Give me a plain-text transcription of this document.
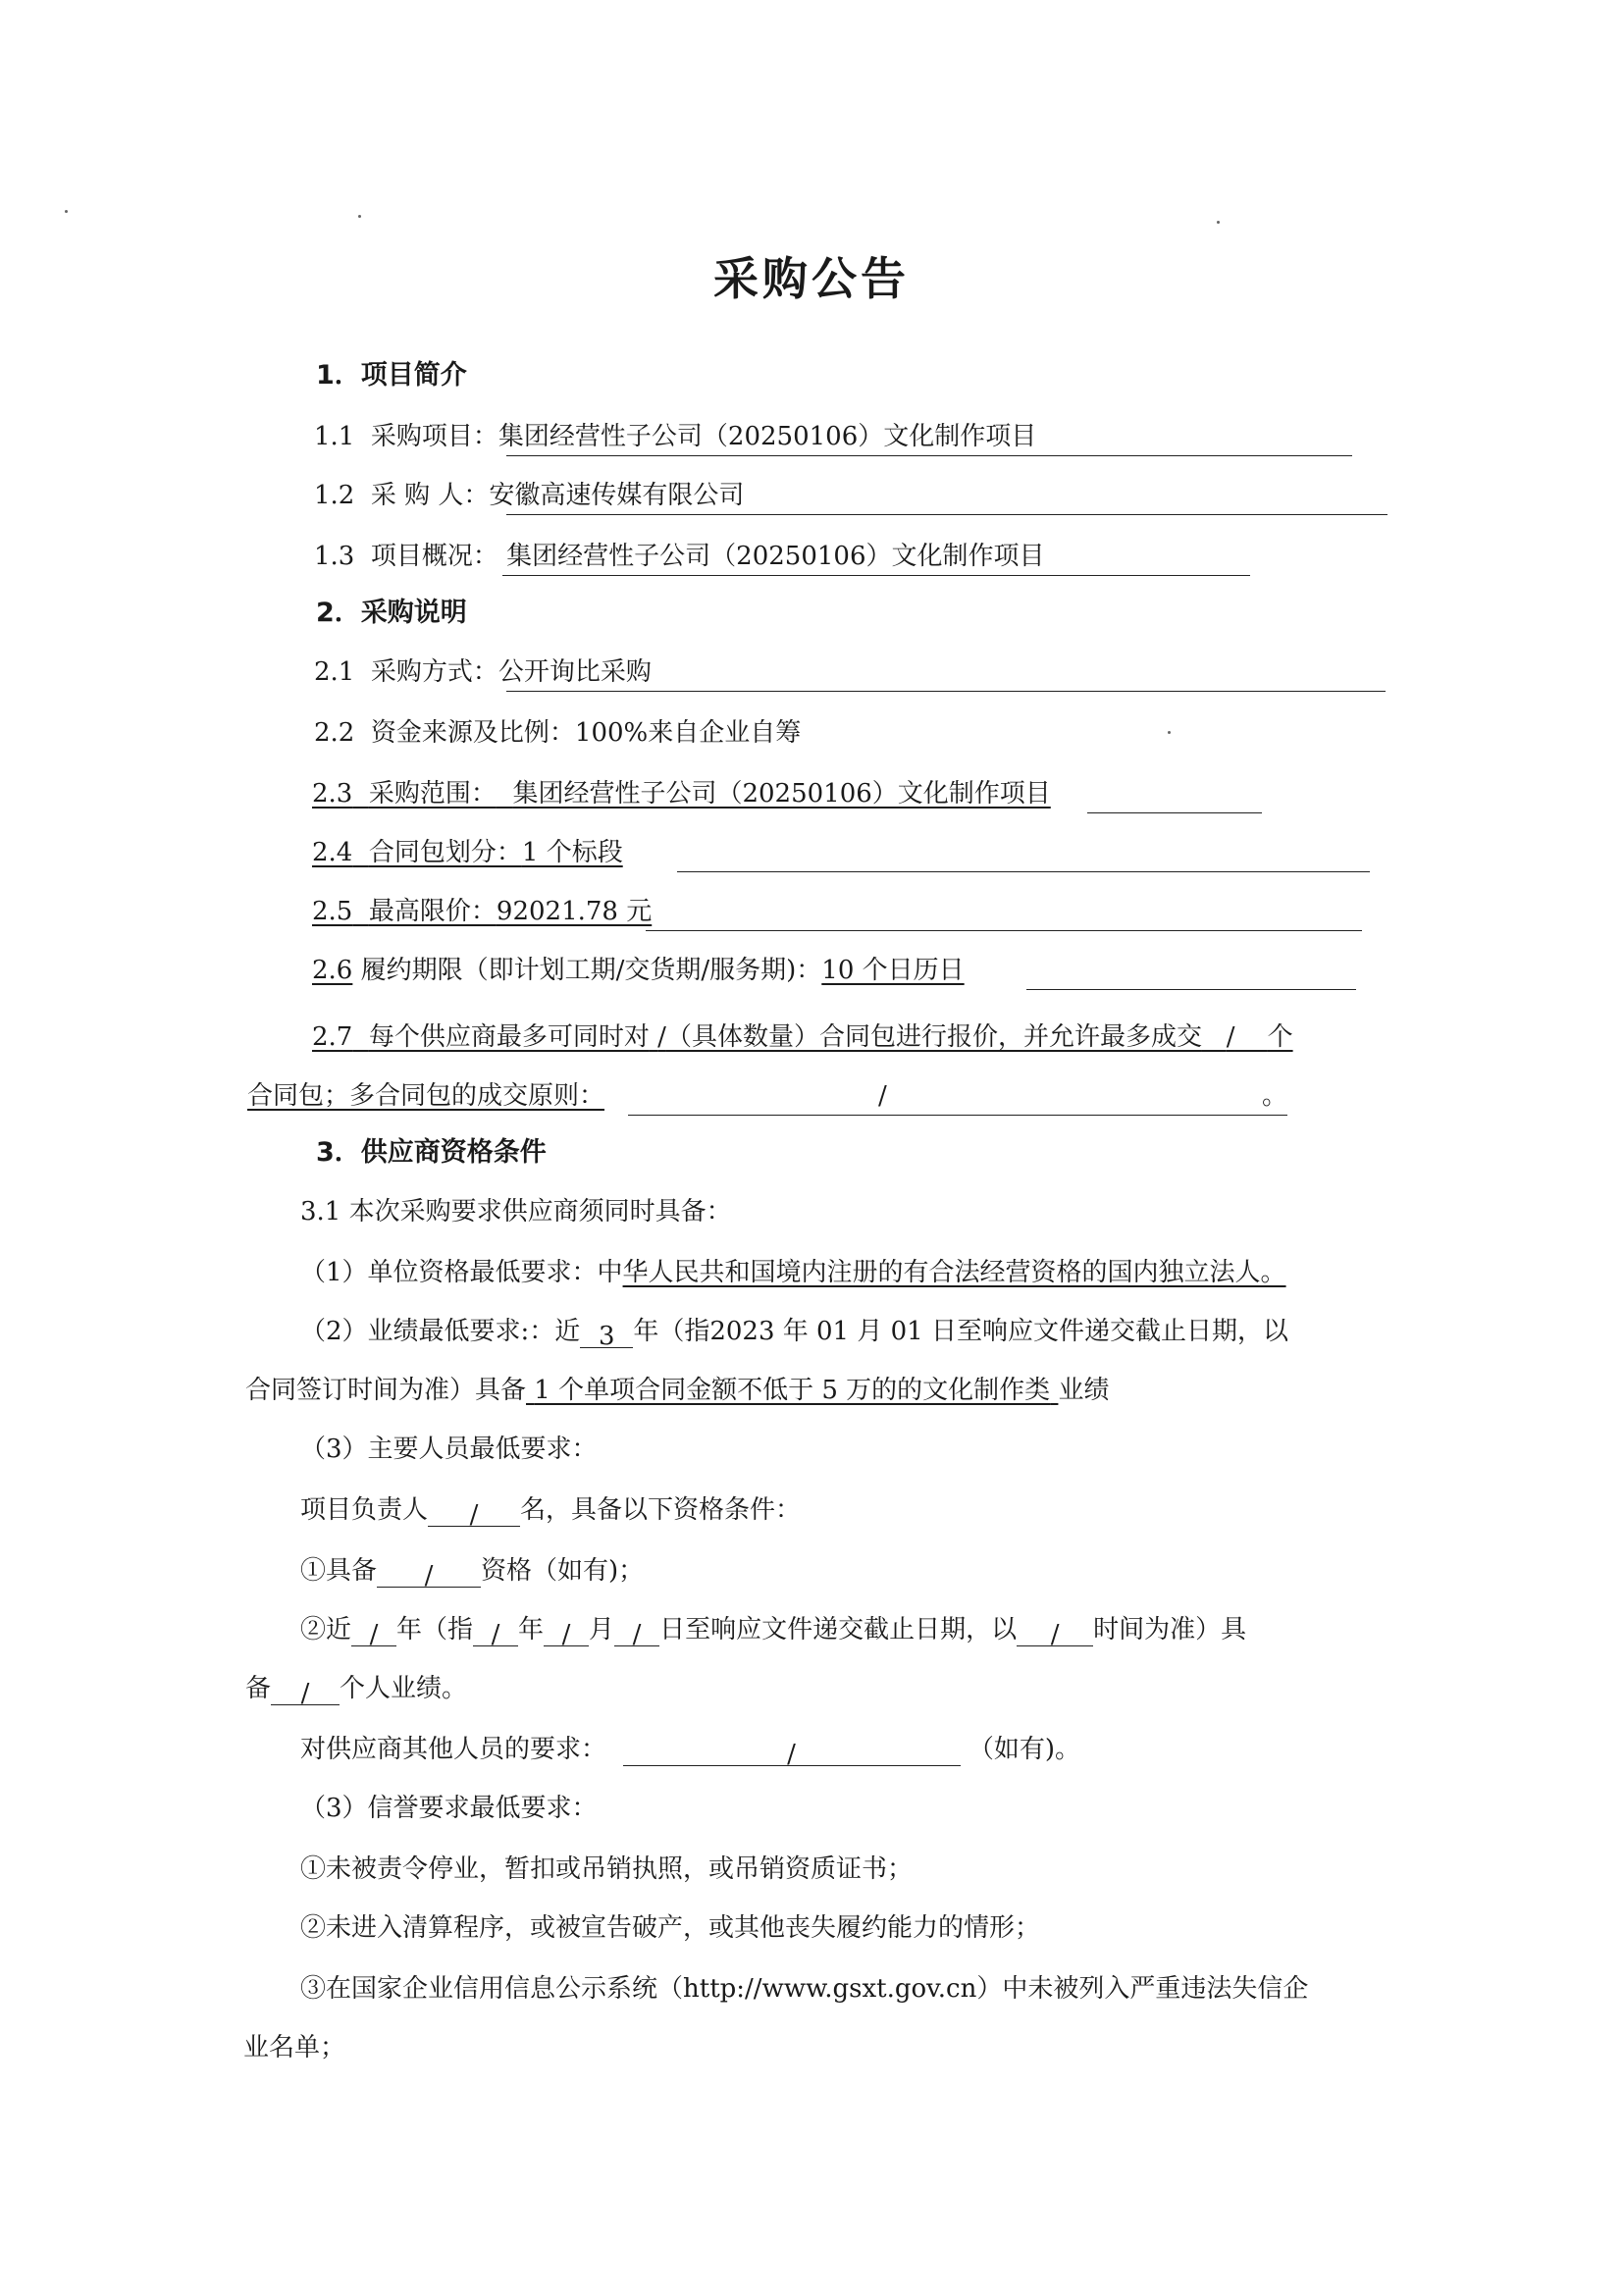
采购公告
1．项目简介
1.1 采购项目：集团经营性子公司（20250106）文化制作项目
1.2 采 购 人：安徽高速传媒有限公司
1.3 项目概况： 集团经营性子公司（20250106）文化制作项目
2．采购说明
2.1 采购方式：公开询比采购
2.2 资金来源及比例：100%来自企业自筹
2.3 采购范围： 集团经营性子公司（20250106）文化制作项目
2.4 合同包划分：1 个标段
2.5 最高限价：92021.78 元
2.6 履约期限（即计划工期/交货期/服务期)：10 个日历日
2.7 每个供应商最多可同时对 /（具体数量）合同包进行报价，并允许最多成交 / 个
合同包；多合同包的成交原则：	/	。
3．供应商资格条件
3.1 本次采购要求供应商须同时具备：
（1）单位资格最低要求：中华人民共和国境内注册的有合法经营资格的国内独立法人。
（2）业绩最低要求:：近 3 年（指2023 年 01 月 01 日至响应文件递交截止日期，以
合同签订时间为准）具备 1 个单项合同金额不低于 5 万的的文化制作类 业绩
（3）主要人员最低要求：
项目负责人 / 名，具备以下资格条件：
①具备 / 资格（如有)；
②近 / 年（指 / 年 / 月 / 日至响应文件递交截止日期，以 / 时间为准）具
备 / 个人业绩。
对供应商其他人员的要求：	/	（如有)。
（3）信誉要求最低要求：
①未被责令停业，暂扣或吊销执照，或吊销资质证书；
②未进入清算程序，或被宣告破产，或其他丧失履约能力的情形；
③在国家企业信用信息公示系统（http://www.gsxt.gov.cn）中未被列入严重违法失信企
业名单；
